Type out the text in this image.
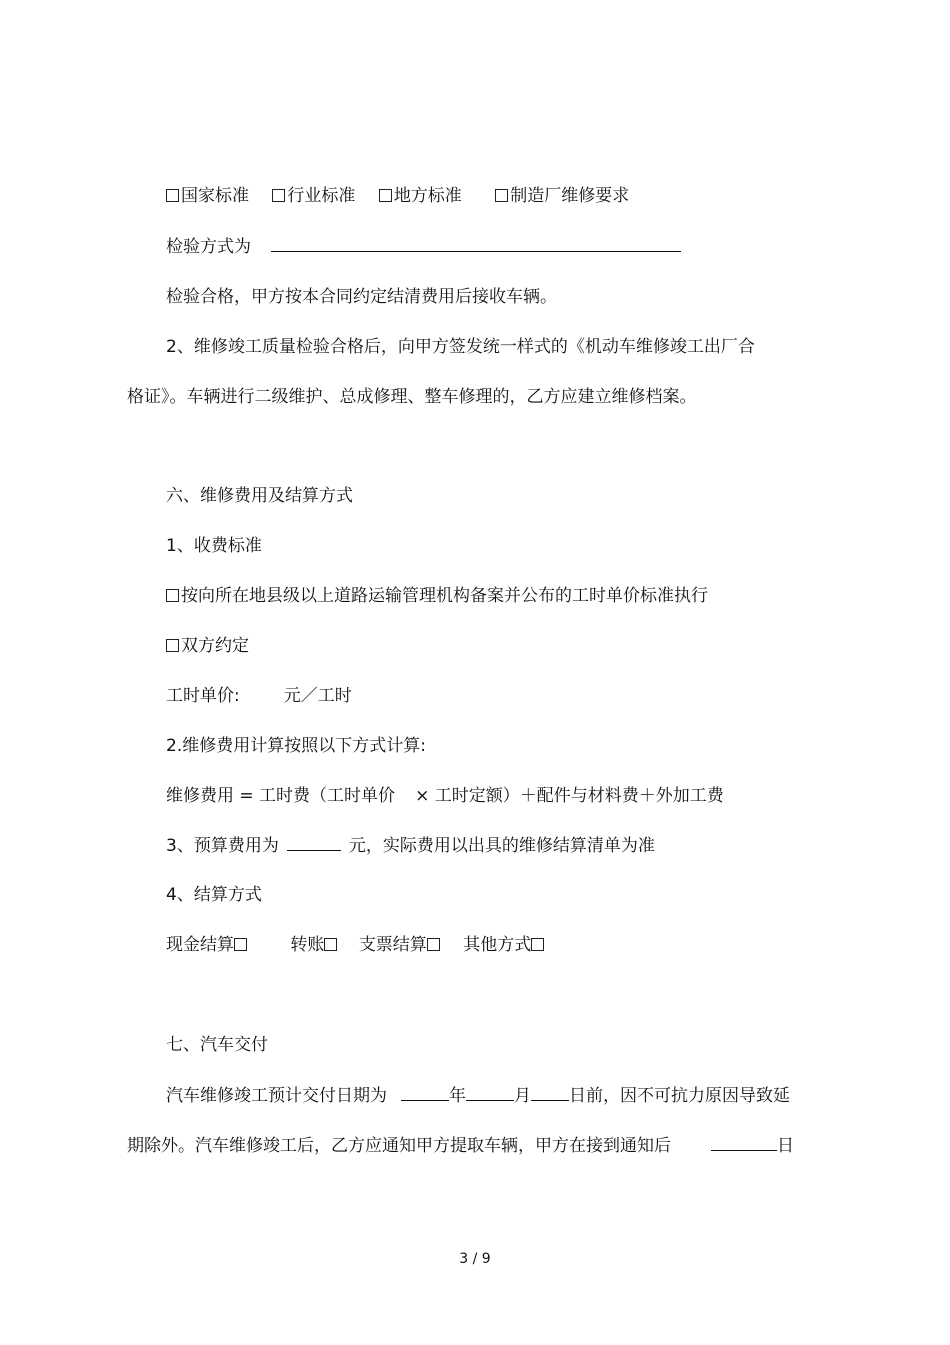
国家标准 行业标准 地方标准	制造厂维修要求
检验方式为
检验合格，甲方按本合同约定结清费用后接收车辆。
2、维修竣工质量检验合格后，向甲方签发统一样式的《机动车维修竣工出厂合
格证》。车辆进行二级维护、总成修理、整车修理的，乙方应建立维修档案。
六、维修费用及结算方式
1、收费标准
按向所在地县级以上道路运输管理机构备案并公布的工时单价标准执行
双方约定
工时单价:	元／工时
2.维修费用计算按照以下方式计算:
维修费用 = 工时费（工时单价 × 工时定额）＋配件与材料费＋外加工费
3、预算费用为	元，实际费用以出具的维修结算清单为准
4、结算方式
现金结算	转账 支票结算 其他方式
七、汽车交付
汽车维修竣工预计交付日期为	年	月 日前，因不可抗力原因导致延
期除外。汽车维修竣工后，乙方应通知甲方提取车辆，甲方在接到通知后	日
3 / 9
